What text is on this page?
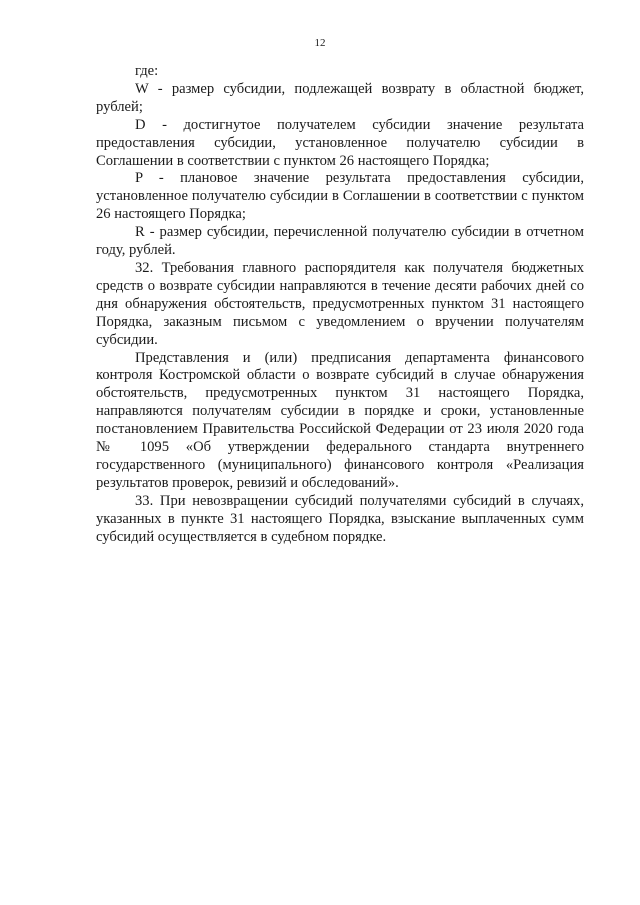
12

где:

W - размер субсидии, подлежащей возврату в областной бюджет, рублей;

D - достигнутое получателем субсидии значение результата предоставления субсидии, установленное получателю субсидии в Соглашении в соответствии с пунктом 26 настоящего Порядка;

P - плановое значение результата предоставления субсидии, установленное получателю субсидии в Соглашении в соответствии с пунктом 26 настоящего Порядка;

R - размер субсидии, перечисленной получателю субсидии в отчетном году, рублей.

32. Требования главного распорядителя как получателя бюджетных средств о возврате субсидии направляются в течение десяти рабочих дней со дня обнаружения обстоятельств, предусмотренных пунктом 31 настоящего Порядка, заказным письмом с уведомлением о вручении получателям субсидии.

Представления и (или) предписания департамента финансового контроля Костромской области о возврате субсидий в случае обнаружения обстоятельств, предусмотренных пунктом 31 настоящего Порядка, направляются получателям субсидии в порядке и сроки, установленные постановлением Правительства Российской Федерации от 23 июля 2020 года № 1095 «Об утверждении федерального стандарта внутреннего государственного (муниципального) финансового контроля «Реализация результатов проверок, ревизий и обследований».

33. При невозвращении субсидий получателями субсидий в случаях, указанных в пункте 31 настоящего Порядка, взыскание выплаченных сумм субсидий осуществляется в судебном порядке.
